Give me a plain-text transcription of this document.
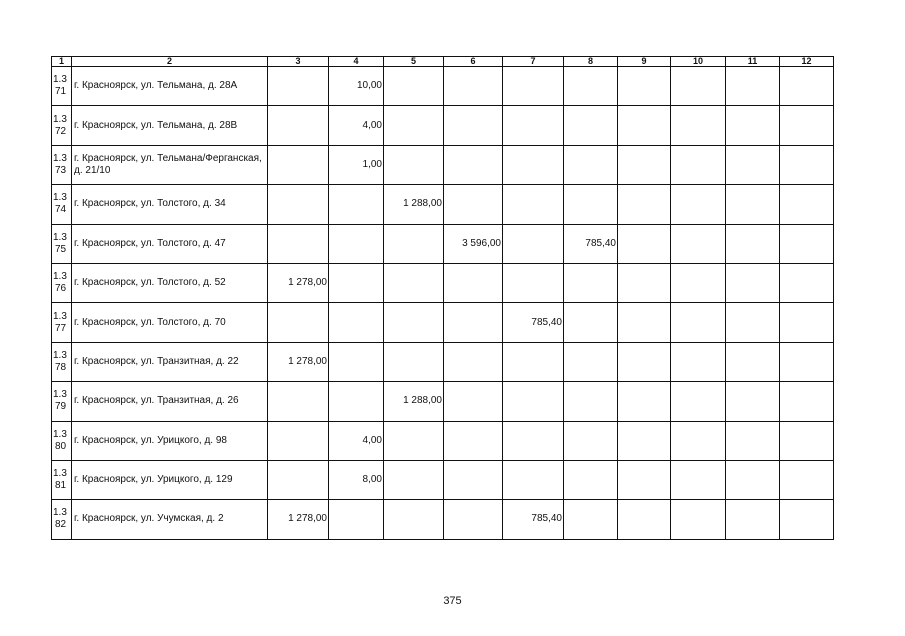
1	2	3	4	5	6	7	8	9	10	11	12

1.3
71	г. Красноярск, ул. Тельмана, д. 28А		10,00								

1.3
72	г. Красноярск, ул. Тельмана, д. 28В		4,00								

1.3
73	г. Красноярск, ул. Тельмана/Ферганская, д. 21/10		1,00								

1.3
74	г. Красноярск, ул. Толстого, д. 34			1 288,00							

1.3
75	г. Красноярск, ул. Толстого, д. 47				3 596,00		785,40				

1.3
76	г. Красноярск, ул. Толстого, д. 52	1 278,00									

1.3
77	г. Красноярск, ул. Толстого, д. 70					785,40					

1.3
78	г. Красноярск, ул. Транзитная, д. 22	1 278,00									

1.3
79	г. Красноярск, ул. Транзитная, д. 26			1 288,00							

1.3
80	г. Красноярск, ул. Урицкого, д. 98		4,00								

1.3
81	г. Красноярск, ул. Урицкого, д. 129		8,00								

1.3
82	г. Красноярск, ул. Учумская, д. 2	1 278,00				785,40					
375
